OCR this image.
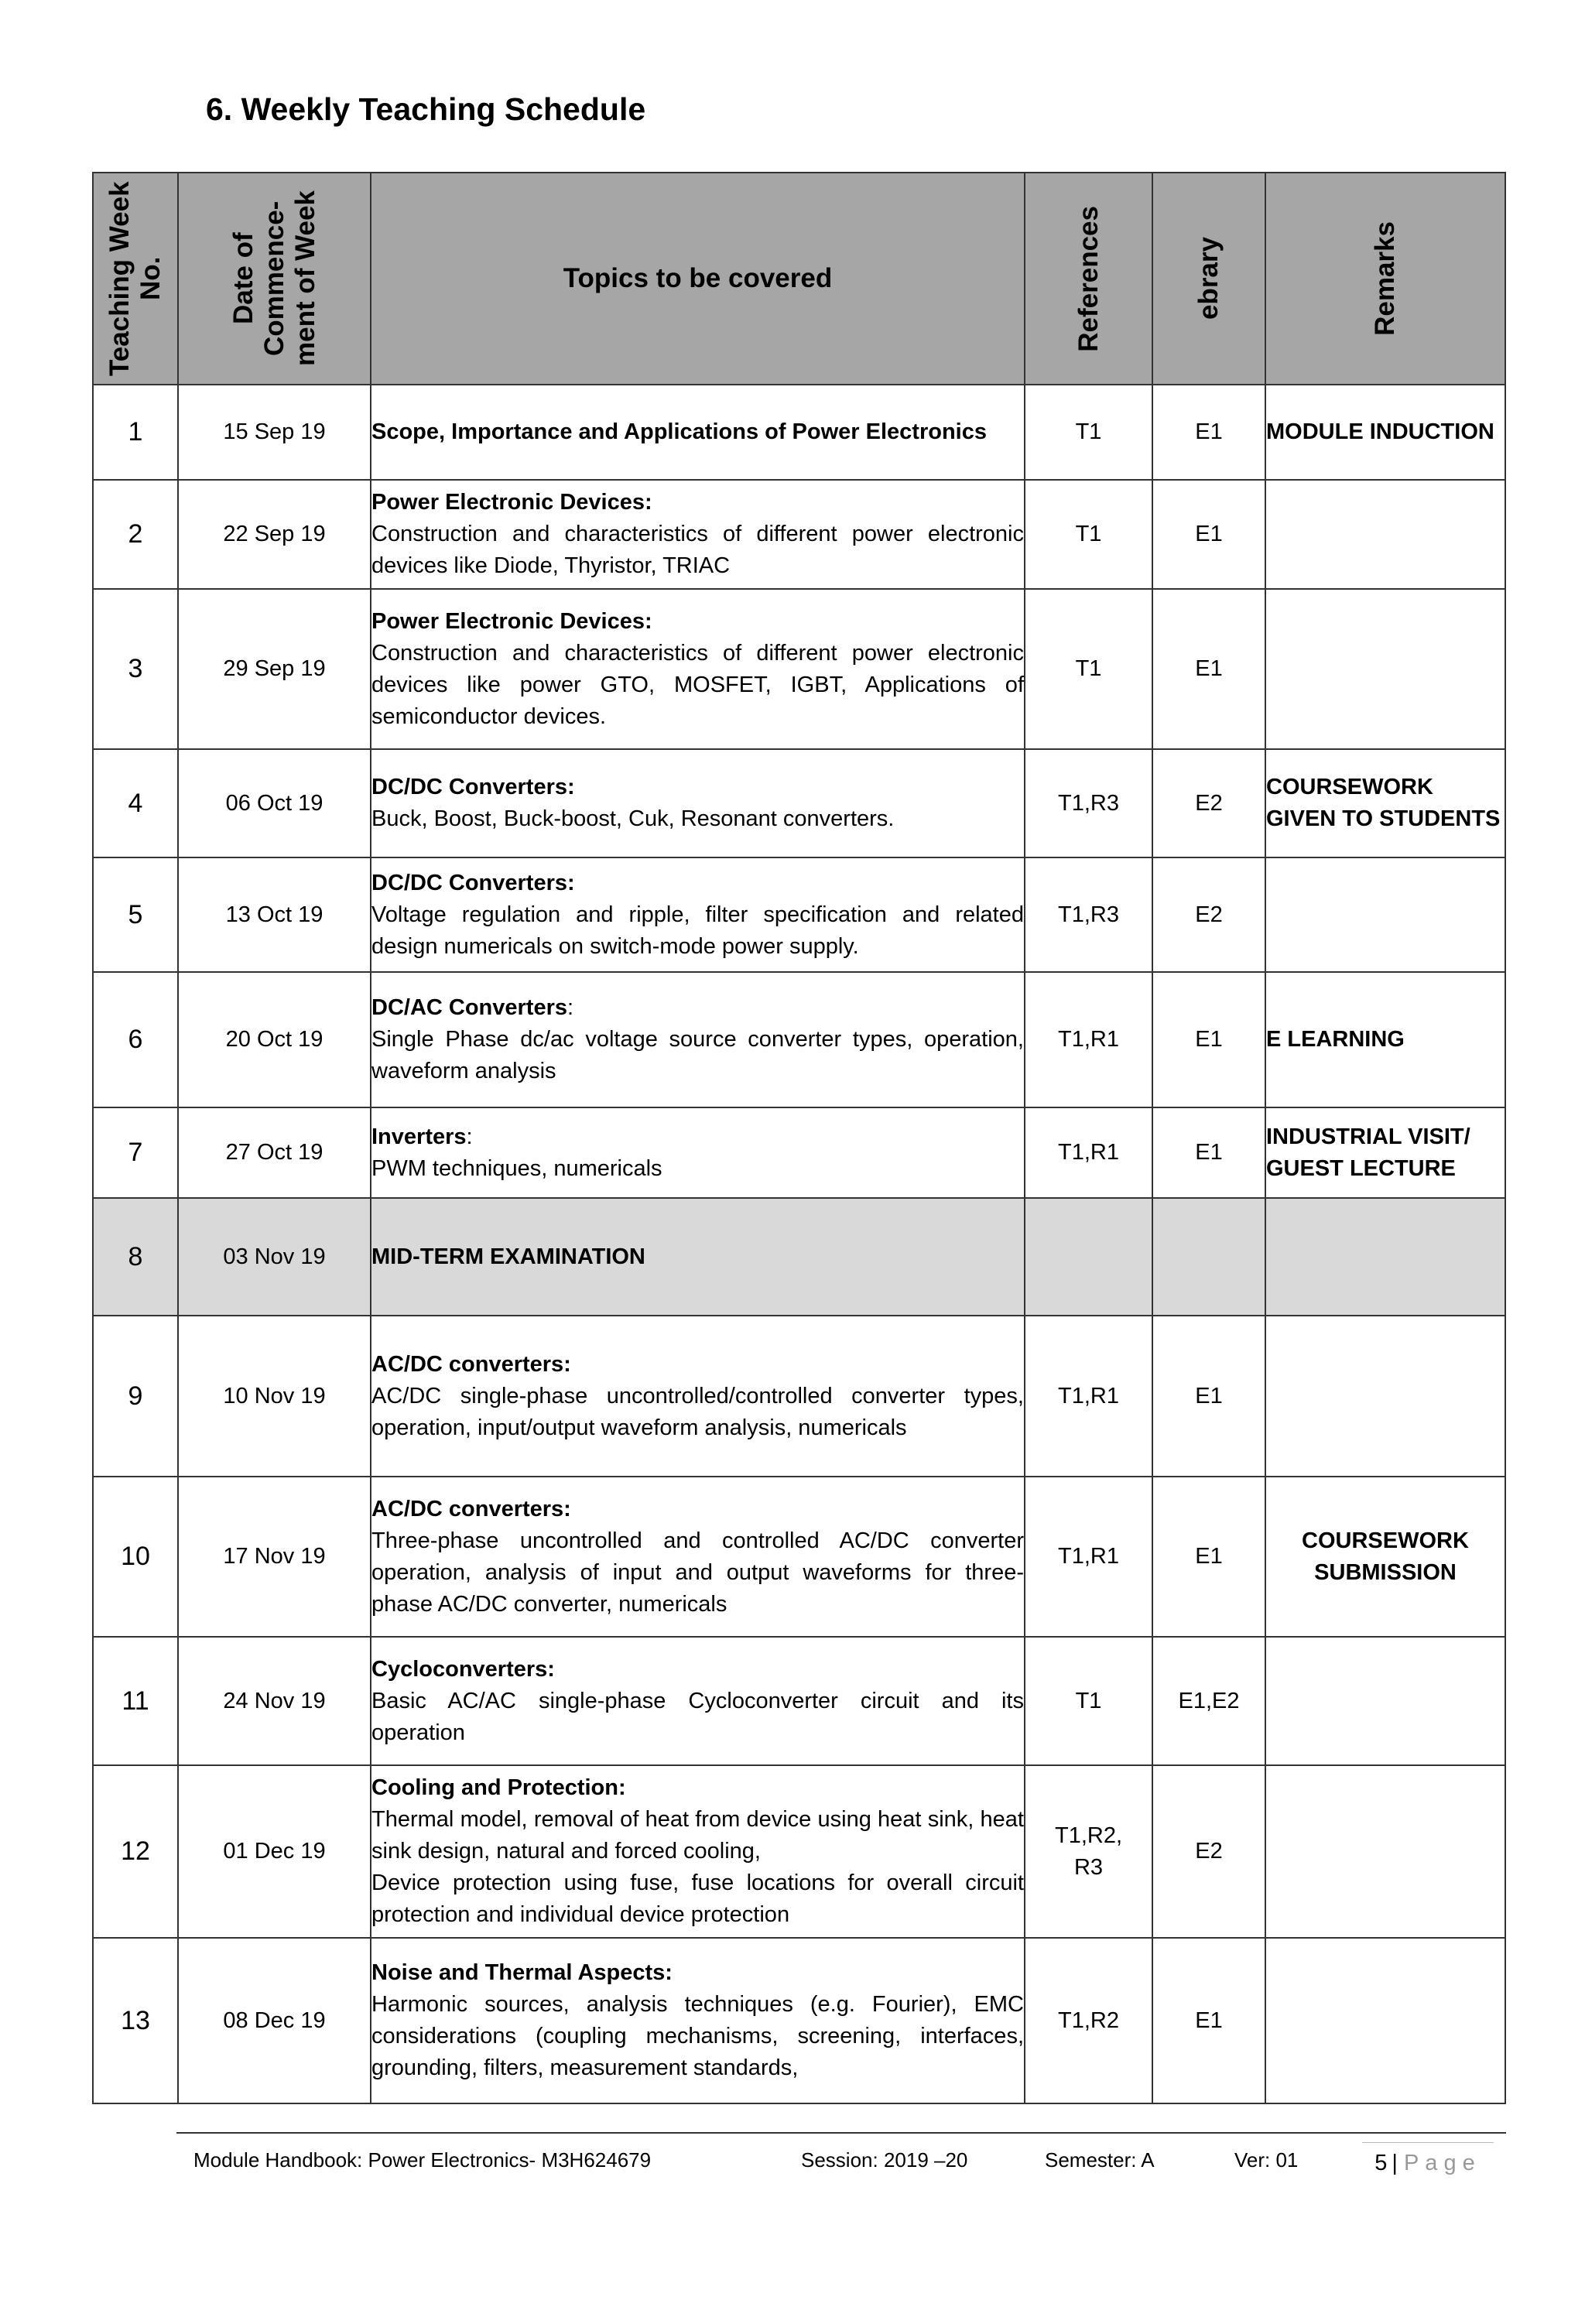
6. Weekly Teaching Schedule
Teaching Week No.	Date of Commence-ment of Week	Topics to be covered	References	ebrary	Remarks

1	15 Sep 19	Scope, Importance and Applications of Power Electronics	T1	E1	MODULE INDUCTION
2	22 Sep 19	Power Electronic Devices:
Construction and characteristics of different power electronic devices like Diode, Thyristor, TRIAC	T1	E1	
3	29 Sep 19	Power Electronic Devices:
Construction and characteristics of different power electronic devices like power GTO, MOSFET, IGBT, Applications of semiconductor devices.	T1	E1	
4	06 Oct 19	DC/DC Converters:
Buck, Boost, Buck-boost, Cuk, Resonant converters.	T1,R3	E2	COURSEWORK GIVEN TO STUDENTS
5	13 Oct 19	DC/DC Converters:
Voltage regulation and ripple, filter specification and related design numericals on switch-mode power supply.	T1,R3	E2	
6	20 Oct 19	DC/AC Converters:
Single Phase dc/ac voltage source converter types, operation, waveform analysis	T1,R1	E1	E LEARNING
7	27 Oct 19	Inverters:
PWM techniques, numericals	T1,R1	E1	INDUSTRIAL VISIT/ GUEST LECTURE
8	03 Nov 19	MID-TERM EXAMINATION			

9	10 Nov 19	AC/DC converters:
AC/DC single-phase uncontrolled/controlled converter types, operation, input/output waveform analysis, numericals	T1,R1	E1	
10	17 Nov 19	AC/DC converters:
Three-phase uncontrolled and controlled AC/DC converter operation, analysis of input and output waveforms for three-phase AC/DC converter, numericals	T1,R1	E1	COURSEWORK SUBMISSION
11	24 Nov 19	Cycloconverters:
Basic AC/AC single-phase Cycloconverter circuit and its operation	T1	E1,E2	
12	01 Dec 19	Cooling and Protection:
Thermal model, removal of heat from device using heat sink, heat sink design, natural and forced cooling,
Device protection using fuse, fuse locations for overall circuit protection and individual device protection	T1,R2, R3	E2	
13	08 Dec 19	Noise and Thermal Aspects:
Harmonic sources, analysis techniques (e.g. Fourier), EMC considerations (coupling mechanisms, screening, interfaces, grounding, filters, measurement standards,	T1,R2	E1	
Module Handbook: Power Electronics- M3H624679	Session: 2019 –20	Semester: A	Ver: 01	5 | Page
